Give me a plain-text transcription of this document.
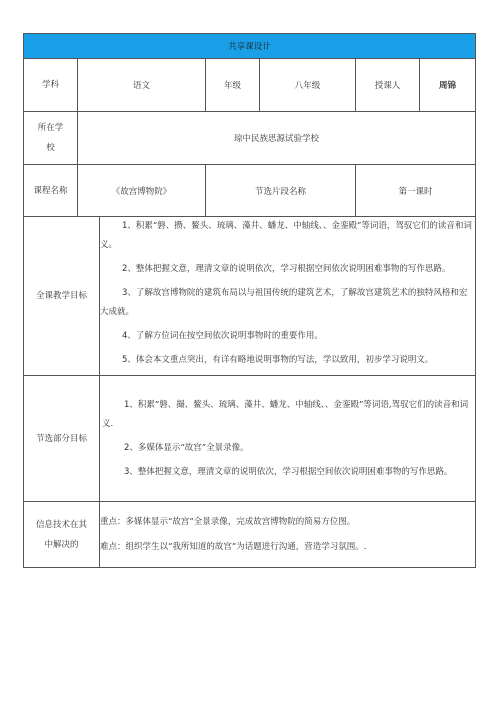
共享课设计						
学科	语文		年级	八年级	授课人	周锦
所在学校	琼中民族思源试验学校					
课程名称	《故宫博物院》		节选片段名称		第一课时	
全课教学目标		1、积累“磐、攒、鳌头、琉璃、藻井、蟠龙、中轴线、、金銮殿”等词语，驾驭它们的读音和词义。
2、整体把握文意，理清文章的说明依次，学习根据空间依次说明困难事物的写作思路。
3、了解故宫博物院的建筑布局以与祖国传统的建筑艺术，了解故宫建筑艺术的独特风格和宏大成就。
4、了解方位词在按空间依次说明事物时的重要作用。
5、体会本文重点突出，有详有略地说明事物的写法，学以致用，初步学习说明文。				

节选部分目标		1、积累”磐、撮、鳌头、琉璃、藻井、蟠龙、中轴线、、金銮殿”等词语,驾驭它们的读音和词义.
2、多媒体显示“故宫”全景录像。
3、整体把握文意，理清文章的说明依次，学习根据空间依次说明困难事物的写作思路。				

信息技术在其中解决的		重点：多媒体显示“故宫”全景录像，完成故宫博物院的简易方位图。
难点：组织学生以“我所知道的故宫”为话题进行沟通，营造学习氛围。.				
